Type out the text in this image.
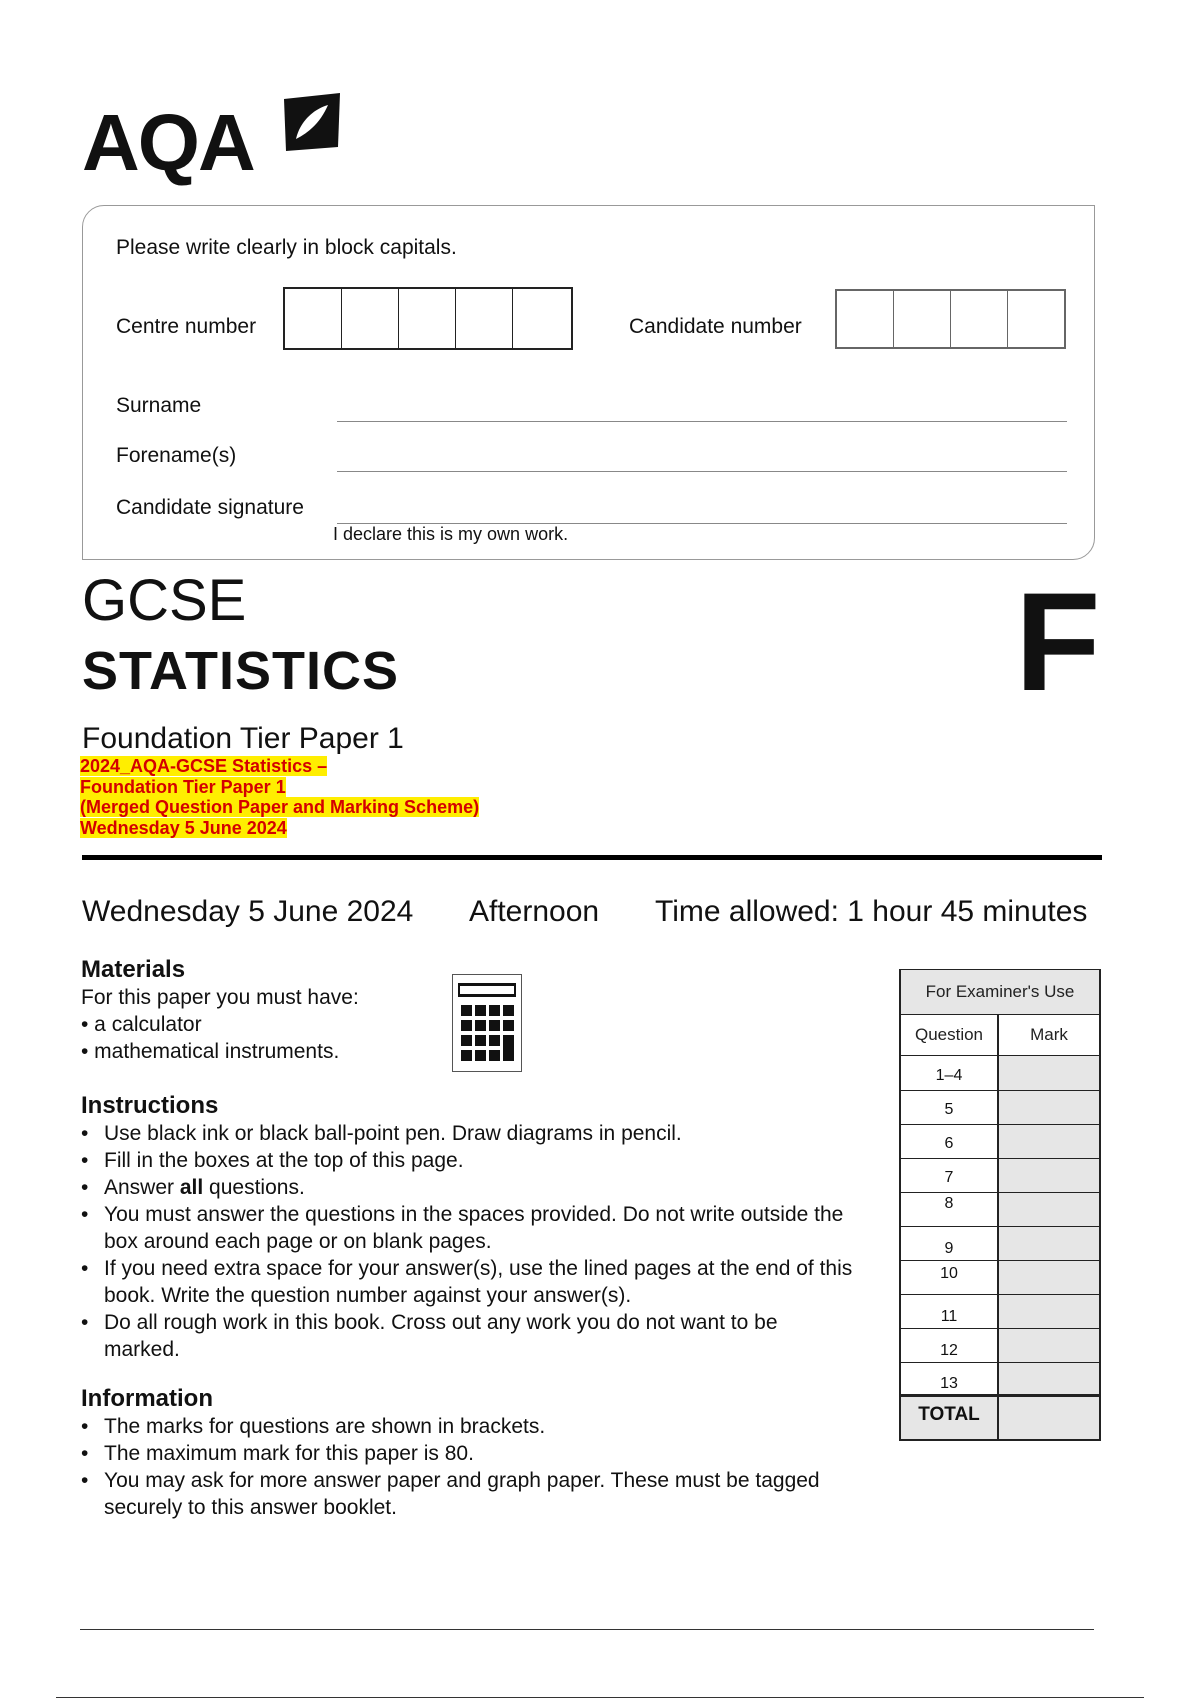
AQA
Please write clearly in block capitals.
Centre number	Candidate number
Surname
Forename(s)
Candidate signature
I declare this is my own work.
GCSE
STATISTICS	F
Foundation Tier Paper 1
2024_AQA-GCSE Statistics –
Foundation Tier Paper 1
(Merged Question Paper and Marking Scheme)
Wednesday 5 June 2024
Wednesday 5 June 2024 Afternoon Time allowed: 1 hour 45 minutes
Materials
For this paper you must have:
• a calculator
• mathematical instruments.
Instructions
• Use black ink or black ball-point pen. Draw diagrams in pencil.
• Fill in the boxes at the top of this page.
• Answer all questions.
• You must answer the questions in the spaces provided. Do not write outside the box around each page or on blank pages.
• If you need extra space for your answer(s), use the lined pages at the end of this book. Write the question number against your answer(s).
• Do all rough work in this book. Cross out any work you do not want to be marked.
Information
• The marks for questions are shown in brackets.
• The maximum mark for this paper is 80.
• You may ask for more answer paper and graph paper. These must be tagged securely to this answer booklet.
For Examiner's Use
Question	Mark
1–4
5
6
7
8
9
10
11
12
13
TOTAL
